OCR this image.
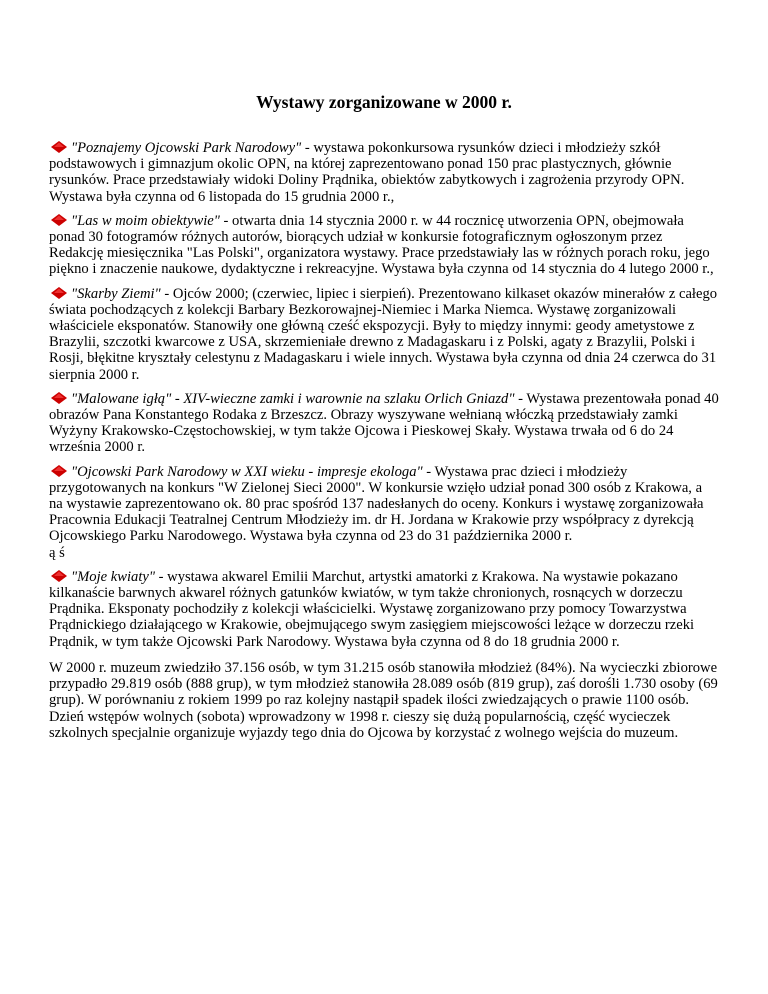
Wystawy zorganizowane w 2000 r.

"Poznajemy Ojcowski Park Narodowy" - wystawa pokonkursowa rysunków dzieci i młodzieży szkół podstawowych i gimnazjum okolic OPN, na której zaprezentowano ponad 150 prac plastycznych, głównie rysunków. Prace przedstawiały widoki Doliny Prądnika, obiektów zabytkowych i zagrożenia przyrody OPN. Wystawa była czynna od 6 listopada do 15 grudnia 2000 r.,

"Las w moim obiektywie" - otwarta dnia 14 stycznia 2000 r. w 44 rocznicę utworzenia OPN, obejmowała ponad 30 fotogramów różnych autorów, biorących udział w konkursie fotograficznym ogłoszonym przez Redakcję miesięcznika "Las Polski", organizatora wystawy. Prace przedstawiały las w różnych porach roku, jego piękno i znaczenie naukowe, dydaktyczne i rekreacyjne. Wystawa była czynna od 14 stycznia do 4 lutego 2000 r.,

"Skarby Ziemi" - Ojców 2000; (czerwiec, lipiec i sierpień). Prezentowano kilkaset okazów minerałów z całego świata pochodzących z kolekcji Barbary Bezkorowajnej-Niemiec i Marka Niemca. Wystawę zorganizowali właściciele eksponatów. Stanowiły one główną cześć ekspozycji. Były to między innymi: geody ametystowe z Brazylii, szczotki kwarcowe z USA, skrzemieniałe drewno z Madagaskaru i z Polski, agaty z Brazylii, Polski i Rosji, błękitne kryształy celestynu z Madagaskaru i wiele innych. Wystawa była czynna od dnia 24 czerwca do 31 sierpnia 2000 r.

"Malowane igłą" - XIV-wieczne zamki i warownie na szlaku Orlich Gniazd" - Wystawa prezentowała ponad 40 obrazów Pana Konstantego Rodaka z Brzeszcz. Obrazy wyszywane wełnianą włóczką przedstawiały zamki Wyżyny Krakowsko-Częstochowskiej, w tym także Ojcowa i Pieskowej Skały. Wystawa trwała od 6 do 24 września 2000 r.

"Ojcowski Park Narodowy w XXI wieku - impresje ekologa" - Wystawa prac dzieci i młodzieży przygotowanych na konkurs "W Zielonej Sieci 2000". W konkursie wzięło udział ponad 300 osób z Krakowa, a na wystawie zaprezentowano ok. 80 prac spośród 137 nadesłanych do oceny. Konkurs i wystawę zorganizowała Pracownia Edukacji Teatralnej Centrum Młodzieży im. dr H. Jordana w Krakowie przy współpracy z dyrekcją Ojcowskiego Parku Narodowego. Wystawa była czynna od 23 do 31 października 2000 r.
ą ś

"Moje kwiaty" - wystawa akwarel Emilii Marchut, artystki amatorki z Krakowa. Na wystawie pokazano kilkanaście barwnych akwarel różnych gatunków kwiatów, w tym także chronionych, rosnących w dorzeczu Prądnika. Eksponaty pochodziły z kolekcji właścicielki. Wystawę zorganizowano przy pomocy Towarzystwa Prądnickiego działającego w Krakowie, obejmującego swym zasięgiem miejscowości leżące w dorzeczu rzeki Prądnik, w tym także Ojcowski Park Narodowy. Wystawa była czynna od 8 do 18 grudnia 2000 r.

W 2000 r. muzeum zwiedziło 37.156 osób, w tym 31.215 osób stanowiła młodzież (84%). Na wycieczki zbiorowe przypadło 29.819 osób (888 grup), w tym młodzież stanowiła 28.089 osób (819 grup), zaś dorośli 1.730 osoby (69 grup). W porównaniu z rokiem 1999 po raz kolejny nastąpił spadek ilości zwiedzających o prawie 1100 osób. Dzień wstępów wolnych (sobota) wprowadzony w 1998 r. cieszy się dużą popularnością, część wycieczek szkolnych specjalnie organizuje wyjazdy tego dnia do Ojcowa by korzystać z wolnego wejścia do muzeum.
